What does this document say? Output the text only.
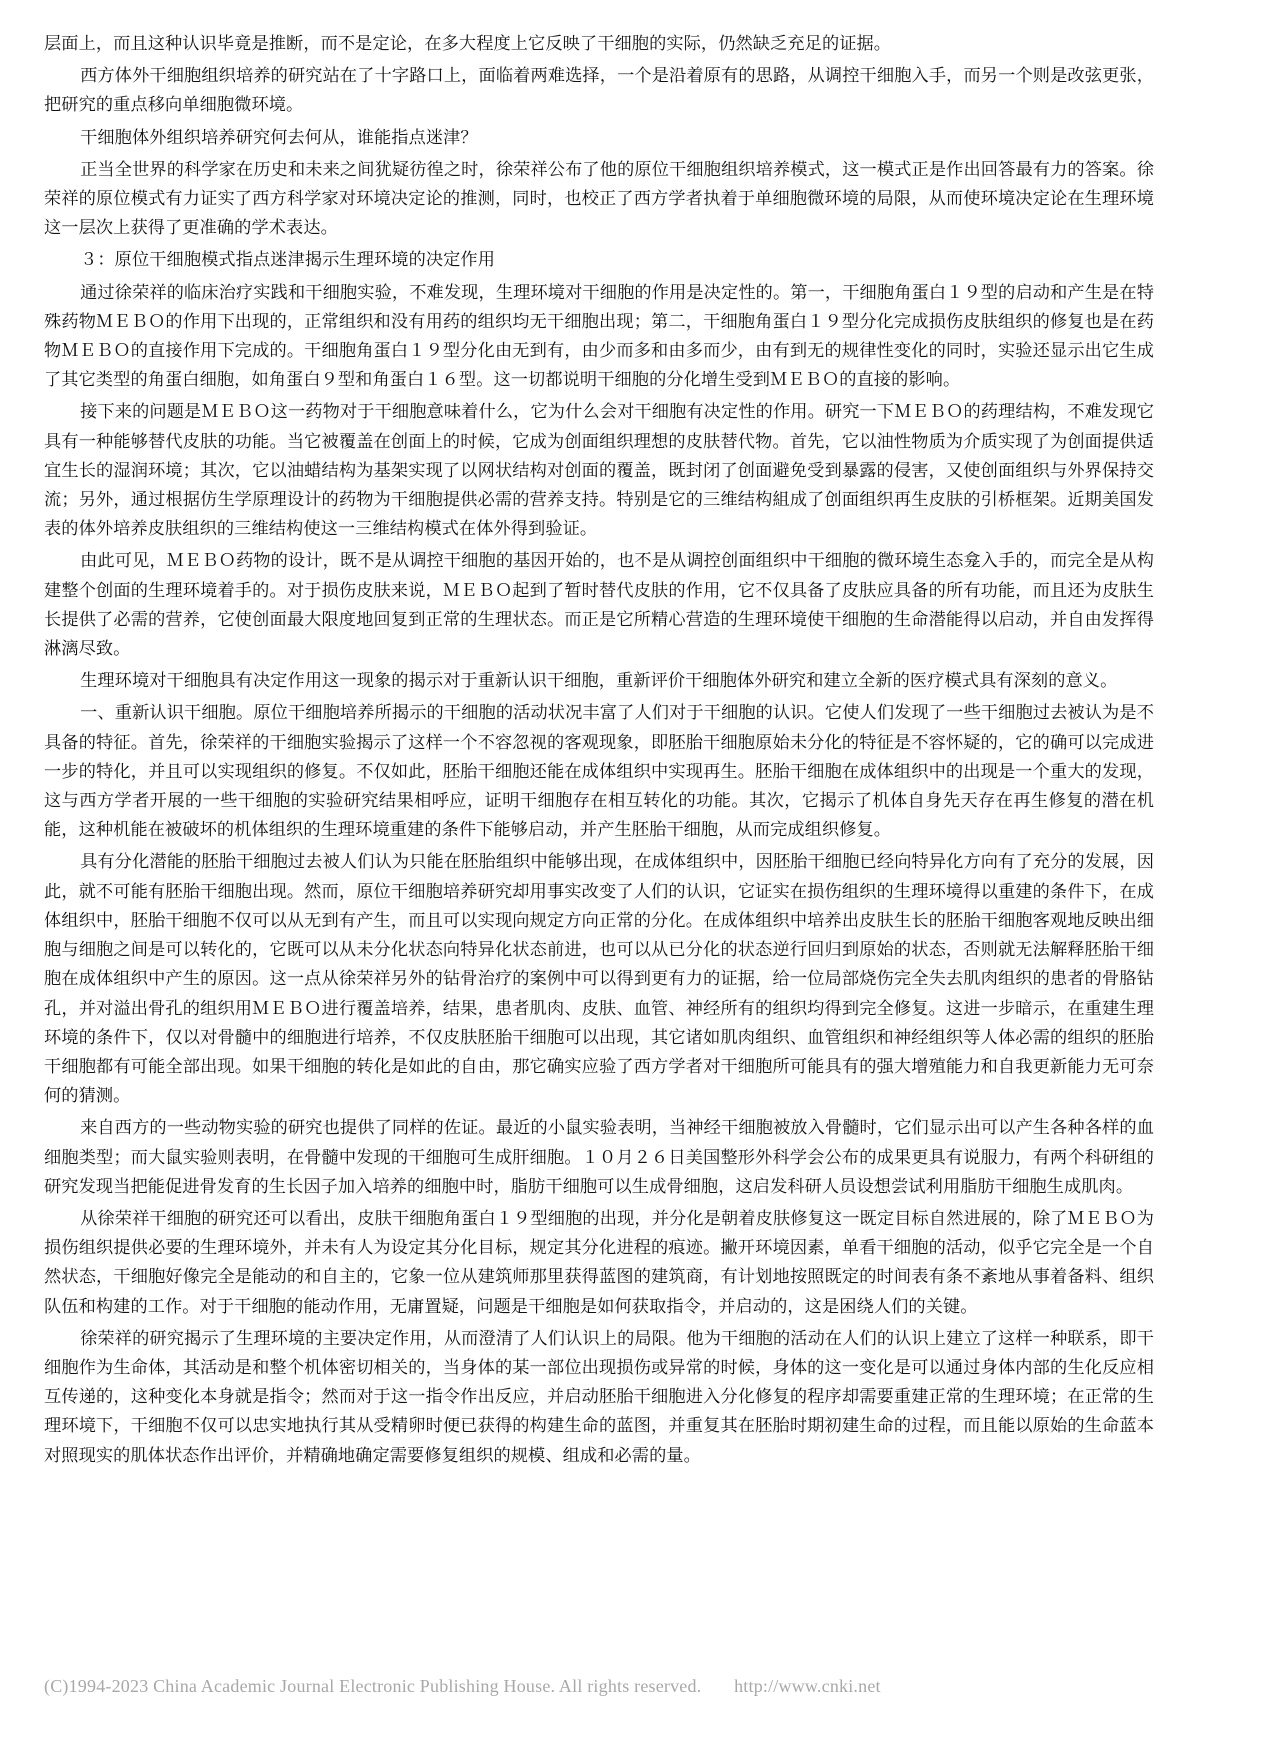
层面上，而且这种认识毕竟是推断，而不是定论，在多大程度上它反映了干细胞的实际，仍然缺乏充足的证据。

西方体外干细胞组织培养的研究站在了十字路口上，面临着两难选择，一个是沿着原有的思路，从调控干细胞入手，而另一个则是改弦更张，把研究的重点移向单细胞微环境。

干细胞体外组织培养研究何去何从，谁能指点迷津？

正当全世界的科学家在历史和未来之间犹疑彷徨之时，徐荣祥公布了他的原位干细胞组织培养模式，这一模式正是作出回答最有力的答案。徐荣祥的原位模式有力证实了西方科学家对环境决定论的推测，同时，也校正了西方学者执着于单细胞微环境的局限，从而使环境决定论在生理环境这一层次上获得了更准确的学术表达。

３：原位干细胞模式指点迷津揭示生理环境的决定作用

通过徐荣祥的临床治疗实践和干细胞实验，不难发现，生理环境对干细胞的作用是决定性的。第一，干细胞角蛋白１９型的启动和产生是在特殊药物ＭＥＢＯ的作用下出现的，正常组织和没有用药的组织均无干细胞出现；第二，干细胞角蛋白１９型分化完成损伤皮肤组织的修复也是在药物ＭＥＢＯ的直接作用下完成的。干细胞角蛋白１９型分化由无到有，由少而多和由多而少，由有到无的规律性变化的同时，实验还显示出它生成了其它类型的角蛋白细胞，如角蛋白９型和角蛋白１６型。这一切都说明干细胞的分化增生受到ＭＥＢＯ的直接的影响。

接下来的问题是ＭＥＢＯ这一药物对于干细胞意味着什么，它为什么会对干细胞有决定性的作用。研究一下ＭＥＢＯ的药理结构，不难发现它具有一种能够替代皮肤的功能。当它被覆盖在创面上的时候，它成为创面组织理想的皮肤替代物。首先，它以油性物质为介质实现了为创面提供适宜生长的湿润环境；其次，它以油蜡结构为基架实现了以网状结构对创面的覆盖，既封闭了创面避免受到暴露的侵害，又使创面组织与外界保持交流；另外，通过根据仿生学原理设计的药物为干细胞提供必需的营养支持。特别是它的三维结构組成了创面组织再生皮肤的引桥框架。近期美国发表的体外培养皮肤组织的三维结构使这一三维结构模式在体外得到验证。

由此可见，ＭＥＢＯ药物的设计，既不是从调控干细胞的基因开始的，也不是从调控创面组织中干细胞的微环境生态龛入手的，而完全是从构建整个创面的生理环境着手的。对于损伤皮肤来说，ＭＥＢＯ起到了暂时替代皮肤的作用，它不仅具备了皮肤应具备的所有功能，而且还为皮肤生长提供了必需的营养，它使创面最大限度地回复到正常的生理状态。而正是它所精心营造的生理环境使干细胞的生命潜能得以启动，并自由发挥得淋漓尽致。

生理环境对干细胞具有决定作用这一现象的揭示对于重新认识干细胞，重新评价干细胞体外研究和建立全新的医疗模式具有深刻的意义。

一、重新认识干细胞。原位干细胞培养所揭示的干细胞的活动状况丰富了人们对于干细胞的认识。它使人们发现了一些干细胞过去被认为是不具备的特征。首先，徐荣祥的干细胞实验揭示了这样一个不容忽视的客观现象，即胚胎干细胞原始未分化的特征是不容怀疑的，它的确可以完成进一步的特化，并且可以实现组织的修复。不仅如此，胚胎干细胞还能在成体组织中实现再生。胚胎干细胞在成体组织中的出现是一个重大的发现，这与西方学者开展的一些干细胞的实验研究结果相呼应，证明干细胞存在相互转化的功能。其次，它揭示了机体自身先天存在再生修复的潜在机能，这种机能在被破坏的机体组织的生理环境重建的条件下能够启动，并产生胚胎干细胞，从而完成组织修复。

具有分化潜能的胚胎干细胞过去被人们认为只能在胚胎组织中能够出现，在成体组织中，因胚胎干细胞已经向特异化方向有了充分的发展，因此，就不可能有胚胎干细胞出现。然而，原位干细胞培养研究却用事实改变了人们的认识，它证实在损伤组织的生理环境得以重建的条件下，在成体组织中，胚胎干细胞不仅可以从无到有产生，而且可以实现向规定方向正常的分化。在成体组织中培养出皮肤生长的胚胎干细胞客观地反映出细胞与细胞之间是可以转化的，它既可以从未分化状态向特异化状态前进，也可以从已分化的状态逆行回归到原始的状态，否则就无法解释胚胎干细胞在成体组织中产生的原因。这一点从徐荣祥另外的钻骨治疗的案例中可以得到更有力的证据，给一位局部烧伤完全失去肌肉组织的患者的骨胳钻孔，并对溢出骨孔的组织用ＭＥＢＯ进行覆盖培养，结果，患者肌肉、皮肤、血管、神经所有的组织均得到完全修复。这进一步暗示，在重建生理环境的条件下，仅以对骨髓中的细胞进行培养，不仅皮肤胚胎干细胞可以出现，其它诸如肌肉组织、血管组织和神经组织等人体必需的组织的胚胎干细胞都有可能全部出现。如果干细胞的转化是如此的自由，那它确实应验了西方学者对干细胞所可能具有的强大增殖能力和自我更新能力无可奈何的猜测。

来自西方的一些动物实验的研究也提供了同样的佐证。最近的小鼠实验表明，当神经干细胞被放入骨髓时，它们显示出可以产生各种各样的血细胞类型；而大鼠实验则表明，在骨髓中发现的干细胞可生成肝细胞。１０月２６日美国整形外科学会公布的成果更具有说服力，有两个科研组的研究发现当把能促进骨发育的生长因子加入培养的细胞中时，脂肪干细胞可以生成骨细胞，这启发科研人员设想尝试利用脂肪干细胞生成肌肉。

从徐荣祥干细胞的研究还可以看出，皮肤干细胞角蛋白１９型细胞的出现，并分化是朝着皮肤修复这一既定目标自然进展的，除了ＭＥＢＯ为损伤组织提供必要的生理环境外，并未有人为设定其分化目标，规定其分化进程的痕迹。撇开环境因素，单看干细胞的活动，似乎它完全是一个自然状态，干细胞好像完全是能动的和自主的，它象一位从建筑师那里获得蓝图的建筑商，有计划地按照既定的时间表有条不紊地从事着备料、组织队伍和构建的工作。对于干细胞的能动作用，无庸置疑，问题是干细胞是如何获取指令，并启动的，这是困绕人们的关键。

徐荣祥的研究揭示了生理环境的主要决定作用，从而澄清了人们认识上的局限。他为干细胞的活动在人们的认识上建立了这样一种联系，即干细胞作为生命体，其活动是和整个机体密切相关的，当身体的某一部位出现损伤或异常的时候，身体的这一变化是可以通过身体内部的生化反应相互传递的，这种变化本身就是指令；然而对于这一指令作出反应，并启动胚胎干细胞进入分化修复的程序却需要重建正常的生理环境；在正常的生理环境下，干细胞不仅可以忠实地执行其从受精卵时便已获得的构建生命的蓝图，并重复其在胚胎时期初建生命的过程，而且能以原始的生命蓝本对照现实的肌体状态作出评价，并精确地确定需要修复组织的规模、组成和必需的量。

(C)1994-2023 China Academic Journal Electronic Publishing House. All rights reserved. http://www.cnki.net
